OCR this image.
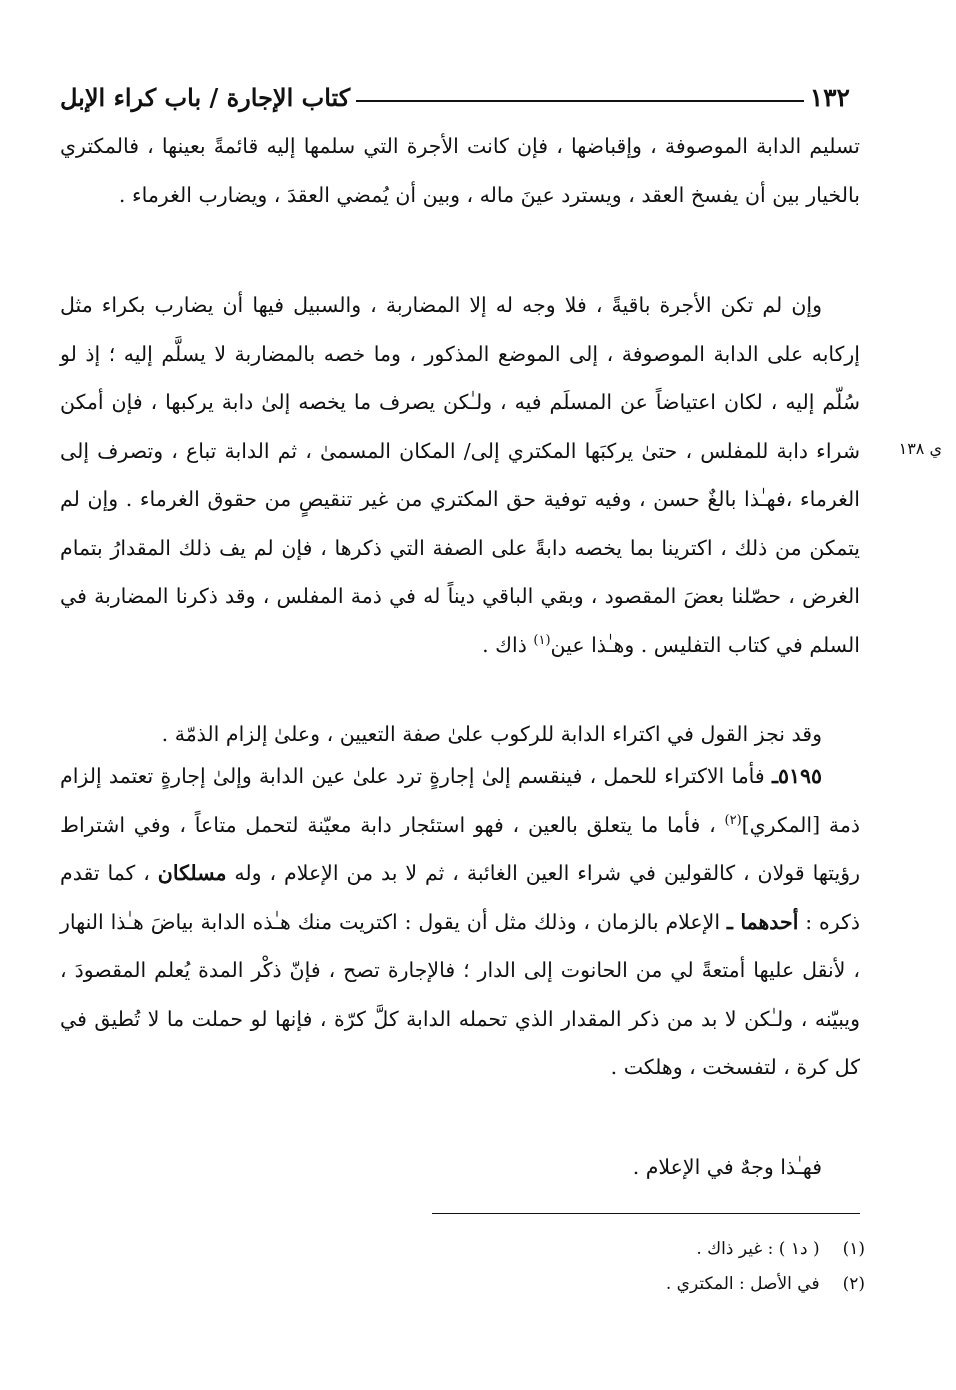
١٣٢
كتاب الإجارة / باب كراء الإبل

تسليم الدابة الموصوفة ، وإقباضها ، فإن كانت الأجرة التي سلمها إليه قائمةً بعينها ، فالمكتري بالخيار بين أن يفسخ العقد ، ويسترد عينَ ماله ، وبين أن يُمضي العقدَ ، ويضارب الغرماء .

وإن لم تكن الأجرة باقيةً ، فلا وجه له إلا المضاربة ، والسبيل فيها أن يضارب بكراء مثل إركابه على الدابة الموصوفة ، إلى الموضع المذكور ، وما خصه بالمضاربة لا يسلَّم إليه ؛ إذ لو سُلّم إليه ، لكان اعتياضاً عن المسلَم فيه ، ولـٰكن يصرف ما يخصه إلىٰ دابة يركبها ، فإن أمكن شراء دابة للمفلس ، حتىٰ يركبَها المكتري إلى/ المكان المسمىٰ ، ثم الدابة تباع ، وتصرف إلى الغرماء ،فهـٰذا بالغٌ حسن ، وفيه توفية حق المكتري من غير تنقيصٍ من حقوق الغرماء . وإن لم يتمكن من ذلك ، اكترينا بما يخصه دابةً على الصفة التي ذكرها ، فإن لم يف ذلك المقدارُ بتمام الغرض ، حصّلنا بعضَ المقصود ، وبقي الباقي ديناً له في ذمة المفلس ، وقد ذكرنا المضاربة في السلم في كتاب التفليس . وهـٰذا عين$^{(١)}$ ذاك .

ي ١٣٨

وقد نجز القول في اكتراء الدابة للركوب علىٰ صفة التعيين ، وعلىٰ إلزام الذمّة .

٥١٩٥ـ فأما الاكتراء للحمل ، فينقسم إلىٰ إجارةٍ ترد علىٰ عين الدابة وإلىٰ إجارةٍ تعتمد إلزام ذمة [المكري]$^{(٢)}$ ، فأما ما يتعلق بالعين ، فهو استئجار دابة معيّنة لتحمل متاعاً ، وفي اشتراط رؤيتها قولان ، كالقولين في شراء العين الغائبة ، ثم لا بد من الإعلام ، وله مسلكان ، كما تقدم ذكره : أحدهما ـ الإعلام بالزمان ، وذلك مثل أن يقول : اكتريت منك هـٰذه الدابة بياضَ هـٰذا النهار ، لأنقل عليها أمتعةً لي من الحانوت إلى الدار ؛ فالإجارة تصح ، فإنّ ذكْر المدة يُعلم المقصودَ ، ويبيّنه ، ولـٰكن لا بد من ذكر المقدار الذي تحمله الدابة كلَّ كرّة ، فإنها لو حملت ما لا تُطيق في كل كرة ، لتفسخت ، وهلكت .

فهـٰذا وجهٌ في الإعلام .

(١) ( د١ ) : غير ذاك .

(٢) في الأصل : المكتري .
